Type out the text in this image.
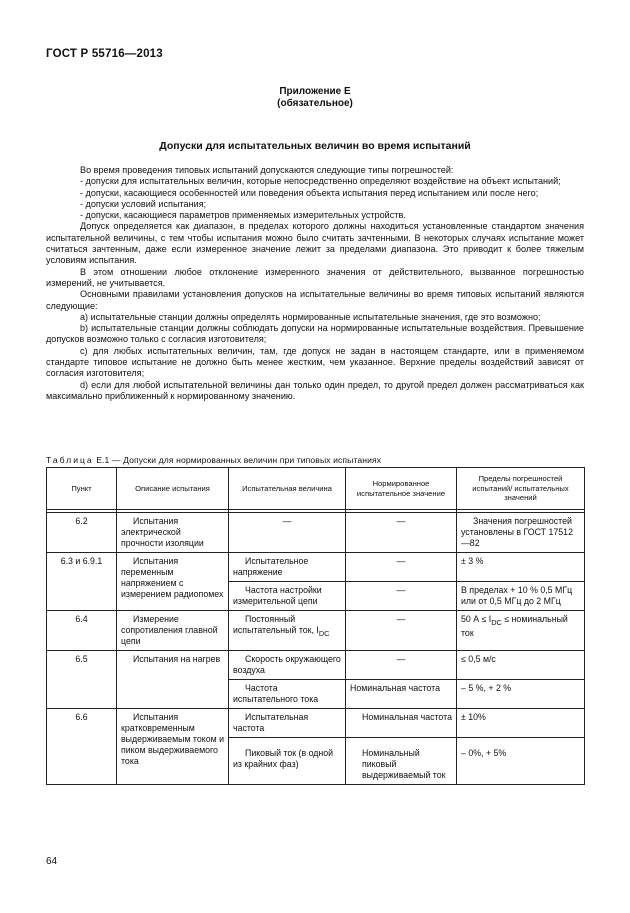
ГОСТ Р 55716—2013
Приложение Е
(обязательное)
Допуски для испытательных величин во время испытаний

Во время проведения типовых испытаний допускаются следующие типы погрешностей:

- допуски для испытательных величин, которые непосредственно определяют воздействие на объект испытаний;

- допуски, касающиеся особенностей или поведения объекта испытания перед испытанием или после него;

- допуски условий испытания;

- допуски, касающиеся параметров применяемых измерительных устройств.

Допуск определяется как диапазон, в пределах которого должны находиться установленные стандартом значения испытательной величины, с тем чтобы испытания можно было считать зачтенными. В некоторых случаях испытание может считаться зачтенным, даже если измеренное значение лежит за пределами диапазона. Это приводит к более тяжелым условиям испытания.

В этом отношении любое отклонение измеренного значения от действительного, вызванное погрешностью измерений, не учитывается.

Основными правилами установления допусков на испытательные величины во время типовых испытаний являются следующие:

а) испытательные станции должны определять нормированные испытательные значения, где это возможно;

b) испытательные станции должны соблюдать допуски на нормированные испытательные воздействия. Превышение допусков возможно только с согласия изготовителя;

c) для любых испытательных величин, там, где допуск не задан в настоящем стандарте, или в применяемом стандарте типовое испытание не должно быть менее жестким, чем указанное. Верхние пределы воздействий зависят от согласия изготовителя;

d) если для любой испытательной величины дан только один предел, то другой предел должен рассматриваться как максимально приближенный к нормированному значению.

Таблица Е.1 — Допуски для нормированных величин при типовых испытаниях
Пункт	Описание испытания	Испытательная величина	Нормированное испытательное значение	Пределы погрешностей испытаний/ испытательных значений

6.2	Испытания электрической прочности изоляции	—	—	Значения погрешностей установлены в ГОСТ 17512—82
6.3 и 6.9.1	Испытания переменным напряжением с измерением радиопомех	Испытательное напряжение	—	± 3 %
		Частота настройки измерительной цепи	—	В пределах + 10 % 0,5 МГц или от 0,5 МГц до 2 МГц
6.4	Измерение сопротивления главной цепи	Постоянный испытательный ток, $I_{DC}$	—	50 $А \le I_{DC}$ ≤ номинальный ток
6.5	Испытания на нагрев	Скорость окружающего воздуха	—	≤ 0,5 м/с
		Частота испытательного тока	Номинальная частота	– 5 %, + 2 %
6.6	Испытания кратковременным выдерживаемым током и пиком выдерживаемого тока	Испытательная частота	Номинальная частота	± 10%
		Пиковый ток (в одной из крайних фаз)	Номинальный пиковый выдерживаемый ток	– 0%, + 5%
64
